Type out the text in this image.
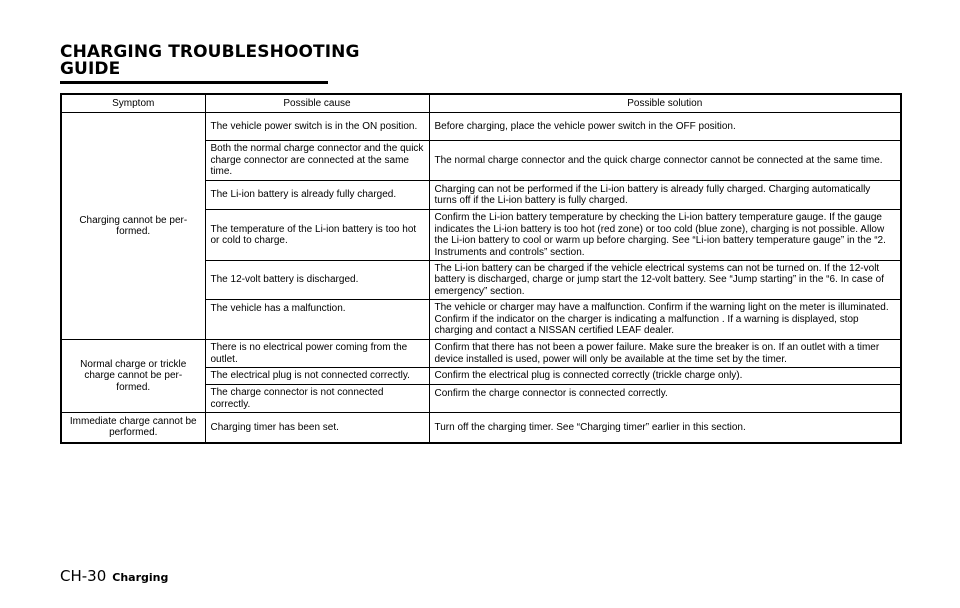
CHARGING TROUBLESHOOTING GUIDE
Symptom	Possible cause	Possible solution
Charging cannot be per-formed.	The vehicle power switch is in the ON position.	Before charging, place the vehicle power switch in the OFF position.
	Both the normal charge connector and the quick charge connector are connected at the same time.	The normal charge connector and the quick charge connector cannot be connected at the same time.
	The Li-ion battery is already fully charged.	Charging can not be performed if the Li-ion battery is already fully charged. Charging automatically turns off if the Li-ion battery is fully charged.
	The temperature of the Li-ion battery is too hot or cold to charge.	Confirm the Li-ion battery temperature by checking the Li-ion battery temperature gauge. If the gauge indicates the Li-ion battery is too hot (red zone) or too cold (blue zone), charging is not possible. Allow the Li-ion battery to cool or warm up before charging. See “Li-ion battery temperature gauge” in the “2. Instruments and controls” section.
	The 12-volt battery is discharged.	The Li-ion battery can be charged if the vehicle electrical systems can not be turned on. If the 12-volt battery is discharged, charge or jump start the 12-volt battery. See “Jump starting” in the “6. In case of emergency” section.
	The vehicle has a malfunction.	The vehicle or charger may have a malfunction. Confirm if the warning light on the meter is illuminated. Confirm if the indicator on the charger is indicating a malfunction . If a warning is displayed, stop charging and contact a NISSAN certified LEAF dealer.
Normal charge or trickle charge cannot be per-formed.	There is no electrical power coming from the outlet.	Confirm that there has not been a power failure. Make sure the breaker is on. If an outlet with a timer device installed is used, power will only be available at the time set by the timer.
	The electrical plug is not connected correctly.	Confirm the electrical plug is connected correctly (trickle charge only).
	The charge connector is not connected correctly.	Confirm the charge connector is connected correctly.
Immediate charge cannot be performed.	Charging timer has been set.	Turn off the charging timer. See “Charging timer” earlier in this section.
CH-30 Charging
